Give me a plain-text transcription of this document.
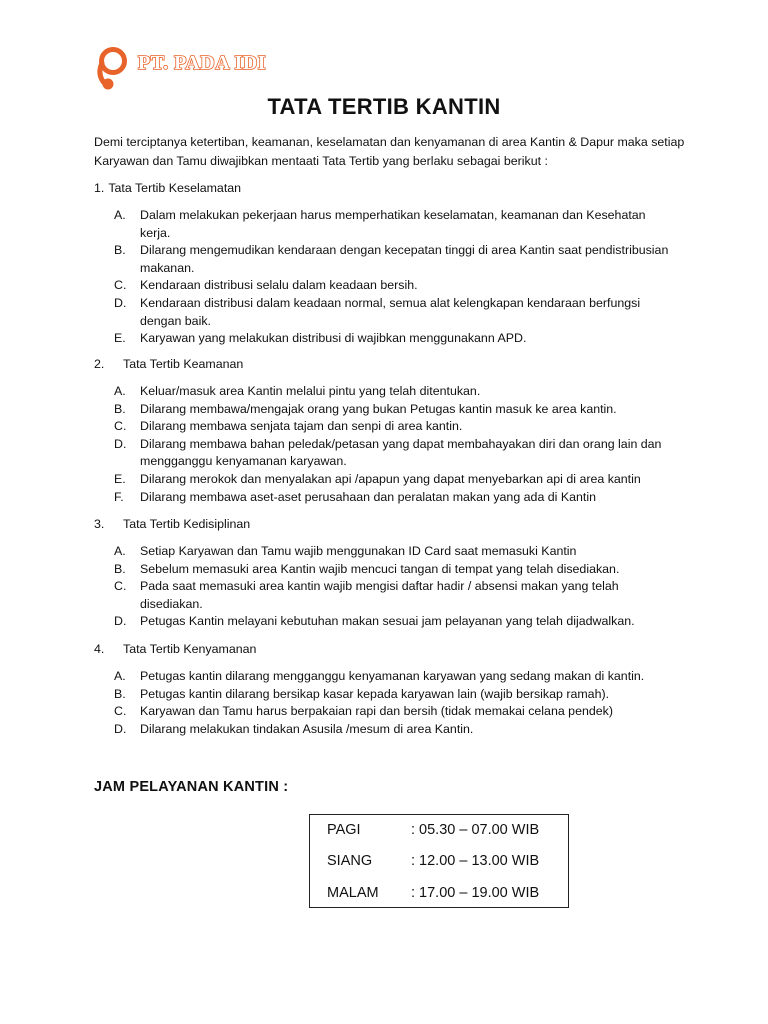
PT. PADA IDI
TATA TERTIB KANTIN
Demi terciptanya ketertiban, keamanan, keselamatan dan kenyamanan di area Kantin & Dapur maka setiap Karyawan dan Tamu diwajibkan mentaati Tata Tertib yang berlaku sebagai berikut :
1. Tata Tertib Keselamatan
A. Dalam melakukan pekerjaan harus memperhatikan keselamatan, keamanan dan Kesehatan kerja.
B. Dilarang mengemudikan kendaraan dengan kecepatan tinggi di area Kantin saat pendistribusian makanan.
C. Kendaraan distribusi selalu dalam keadaan bersih.
D. Kendaraan distribusi dalam keadaan normal, semua alat kelengkapan kendaraan berfungsi dengan baik.
E. Karyawan yang melakukan distribusi di wajibkan menggunakann APD.
2. Tata Tertib Keamanan
A. Keluar/masuk area Kantin melalui pintu yang telah ditentukan.
B. Dilarang membawa/mengajak orang yang bukan Petugas kantin masuk ke area kantin.
C. Dilarang membawa senjata tajam dan senpi di area kantin.
D. Dilarang membawa bahan peledak/petasan yang dapat membahayakan diri dan orang lain dan mengganggu kenyamanan karyawan.
E. Dilarang merokok dan menyalakan api /apapun yang dapat menyebarkan api di area kantin
F. Dilarang membawa aset-aset perusahaan dan peralatan makan yang ada di Kantin
3. Tata Tertib Kedisiplinan
A. Setiap Karyawan dan Tamu wajib menggunakan ID Card saat memasuki Kantin
B. Sebelum memasuki area Kantin wajib mencuci tangan di tempat yang telah disediakan.
C. Pada saat memasuki area kantin wajib mengisi daftar hadir / absensi makan yang telah disediakan.
D. Petugas Kantin melayani kebutuhan makan sesuai jam pelayanan yang telah dijadwalkan.
4. Tata Tertib Kenyamanan
A. Petugas kantin dilarang mengganggu kenyamanan karyawan yang sedang makan di kantin.
B. Petugas kantin dilarang bersikap kasar kepada karyawan lain (wajib bersikap ramah).
C. Karyawan dan Tamu harus berpakaian rapi dan bersih (tidak memakai celana pendek)
D. Dilarang melakukan tindakan Asusila /mesum di area Kantin.
JAM PELAYANAN KANTIN :
PAGI	: 05.30 – 07.00 WIB
SIANG	: 12.00 – 13.00 WIB
MALAM : 17.00 – 19.00 WIB
